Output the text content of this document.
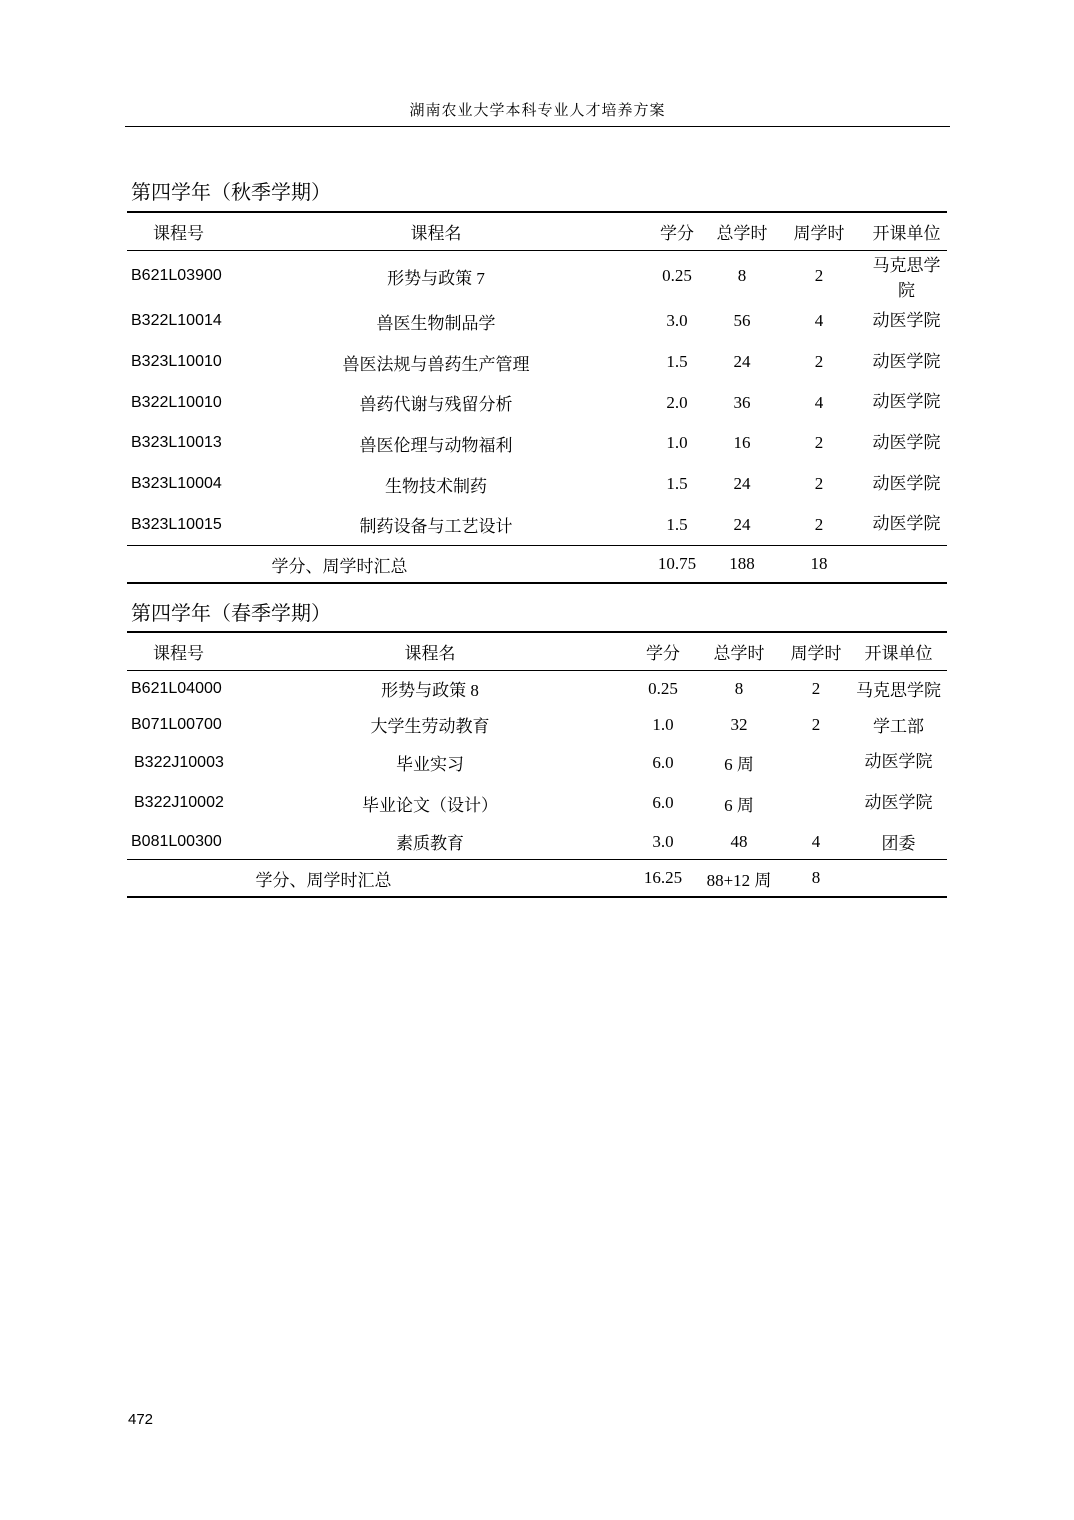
湖南农业大学本科专业人才培养方案
第四学年（秋季学期）
课程号	课程名	学分	总学时	周学时	开课单位
B621L03900	形势与政策 7	0.25	8	2	马克思学院
B322L10014	兽医生物制品学	3.0	56	4	动医学院
B323L10010	兽医法规与兽药生产管理	1.5	24	2	动医学院
B322L10010	兽药代谢与残留分析	2.0	36	4	动医学院
B323L10013	兽医伦理与动物福利	1.0	16	2	动医学院
B323L10004	生物技术制药	1.5	24	2	动医学院
B323L10015	制药设备与工艺设计	1.5	24	2	动医学院
学分、周学时汇总		10.75	188	18	
第四学年（春季学期）
课程号	课程名	学分	总学时	周学时	开课单位
B621L04000	形势与政策 8	0.25	8	2	马克思学院
B071L00700	大学生劳动教育	1.0	32	2	学工部
B322J10003	毕业实习	6.0	6 周		动医学院
B322J10002	毕业论文（设计）	6.0	6 周		动医学院
B081L00300	素质教育	3.0	48	4	团委
学分、周学时汇总		16.25	88+12 周	8	
472
